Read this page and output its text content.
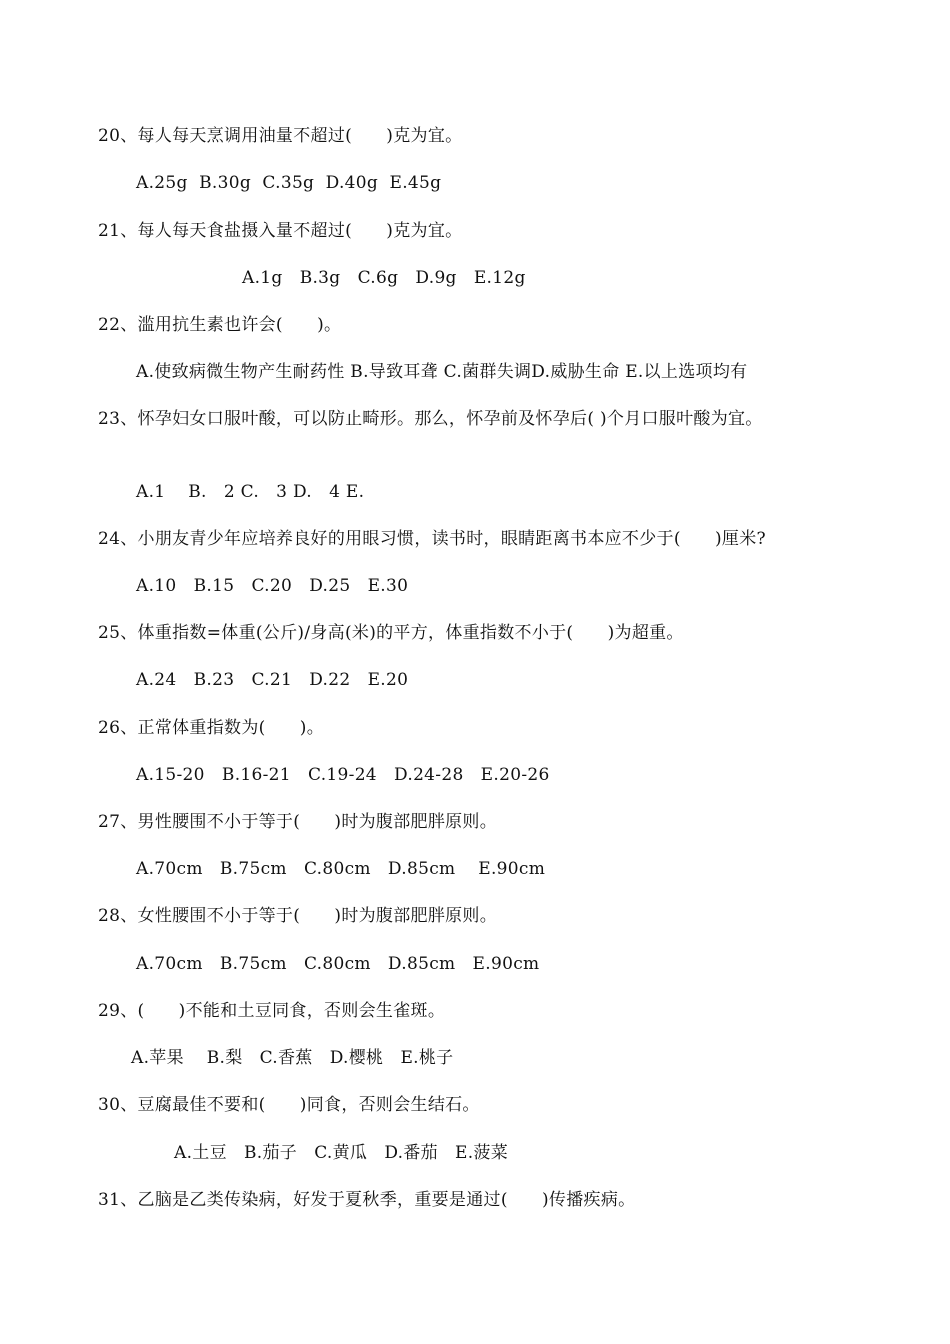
20、每人每天烹调用油量不超过(      )克为宜。
A.25g  B.30g  C.35g  D.40g  E.45g
21、每人每天食盐摄入量不超过(      )克为宜。
A.1g   B.3g   C.6g   D.9g   E.12g
22、滥用抗生素也许会(      )。
A.使致病微生物产生耐药性 B.导致耳聋 C.菌群失调D.威胁生命 E.以上选项均有
23、怀孕妇女口服叶酸，可以防止畸形。那么，怀孕前及怀孕后( )个月口服叶酸为宜。
A.1    B.   2 C.   3 D.   4 E.
24、小朋友青少年应培养良好的用眼习惯，读书时，眼睛距离书本应不少于(      )厘米?
A.10   B.15   C.20   D.25   E.30
25、体重指数=体重(公斤)/身高(米)的平方，体重指数不小于(      )为超重。
A.24   B.23   C.21   D.22   E.20
26、正常体重指数为(      )。
A.15-20   B.16-21   C.19-24   D.24-28   E.20-26
27、男性腰围不小于等于(      )时为腹部肥胖原则。
A.70cm   B.75cm   C.80cm   D.85cm    E.90cm
28、女性腰围不小于等于(      )时为腹部肥胖原则。
A.70cm   B.75cm   C.80cm   D.85cm   E.90cm
29、(      )不能和土豆同食，否则会生雀斑。
A.苹果    B.梨   C.香蕉   D.樱桃   E.桃子
30、豆腐最佳不要和(      )同食，否则会生结石。
A.土豆   B.茄子   C.黄瓜   D.番茄   E.菠菜
31、乙脑是乙类传染病，好发于夏秋季，重要是通过(      )传播疾病。
